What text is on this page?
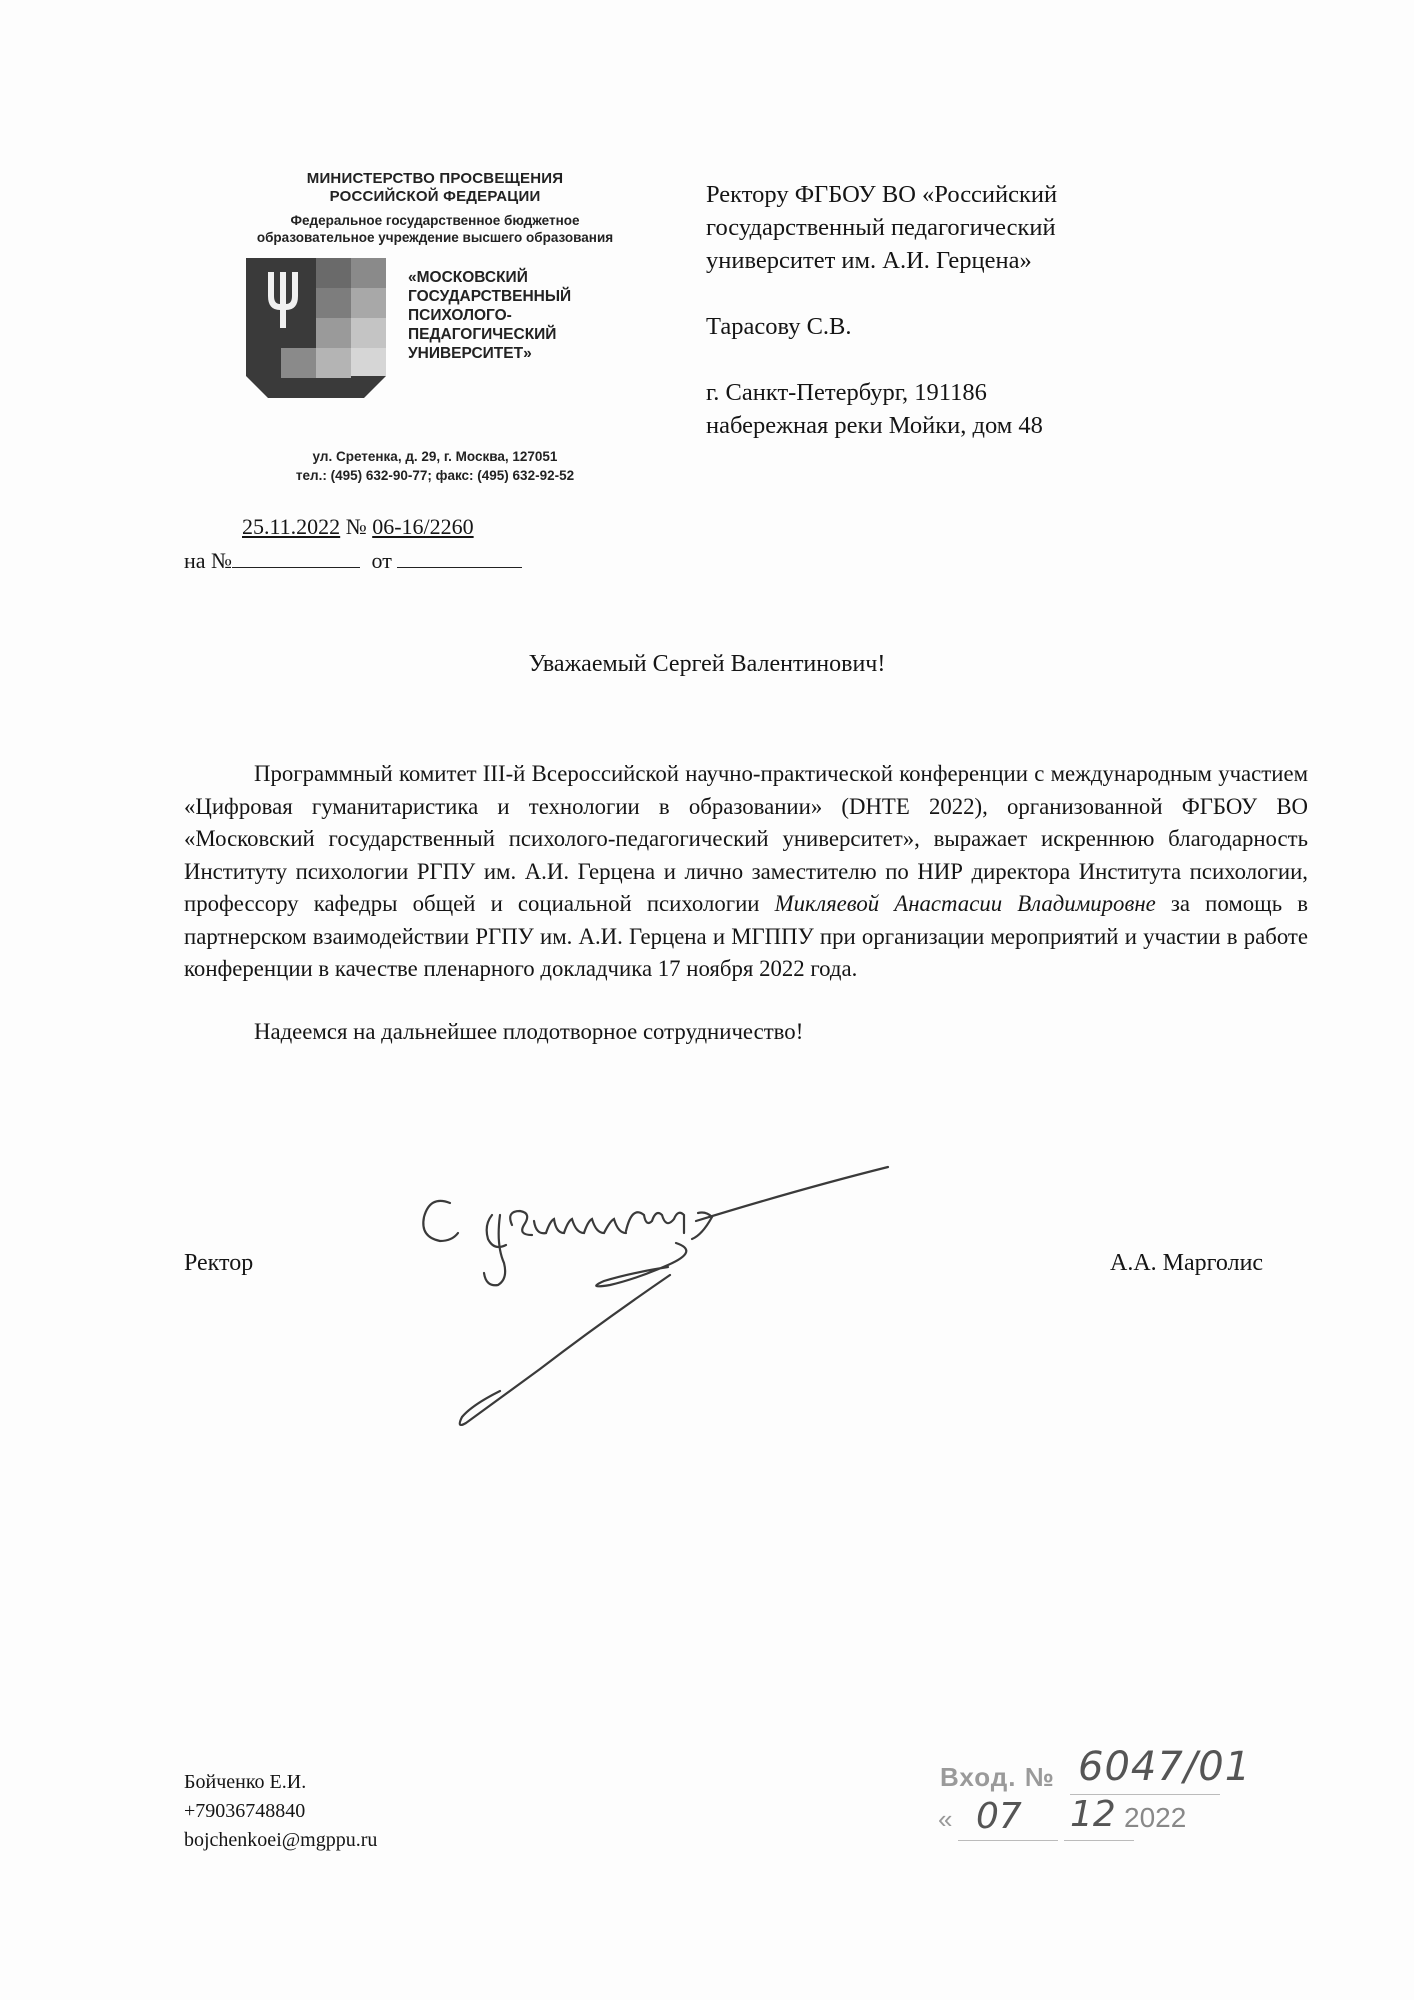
МИНИСТЕРСТВО ПРОСВЕЩЕНИЯ
РОССИЙСКОЙ ФЕДЕРАЦИИ
Федеральное государственное бюджетное
образовательное учреждение высшего образования
«МОСКОВСКИЙ
ГОСУДАРСТВЕННЫЙ
ПСИХОЛОГО-
ПЕДАГОГИЧЕСКИЙ
УНИВЕРСИТЕТ»
ул. Сретенка, д. 29, г. Москва, 127051
тел.: (495) 632-90-77; факс: (495) 632-92-52
25.11.2022 № 06-16/2260
на №	от
Ректору ФГБОУ ВО «Российский
государственный педагогический
университет им. А.И. Герцена»
Тарасову С.В.
г. Санкт-Петербург, 191186
набережная реки Мойки, дом 48
Уважаемый Сергей Валентинович!

Программный комитет III-й Всероссийской научно-практической конференции с международным участием «Цифровая гуманитаристика и технологии в образовании» (DHTE 2022), организованной ФГБОУ ВО «Московский государственный психолого-педагогический университет», выражает искреннюю благодарность Институту психологии РГПУ им. А.И. Герцена и лично заместителю по НИР директора Института психологии, профессору кафедры общей и социальной психологии Микляевой Анастасии Владимировне за помощь в партнерском взаимодействии РГПУ им. А.И. Герцена и МГППУ при организации мероприятий и участии в работе конференции в качестве пленарного докладчика 17 ноября 2022 года.

Надеемся на дальнейшее плодотворное сотрудничество!

Ректор	А.А. Марголис
Бойченко Е.И.
+79036748840
bojchenkoei@mgppu.ru
Вход. № 6047/01
« 07 12 2022
